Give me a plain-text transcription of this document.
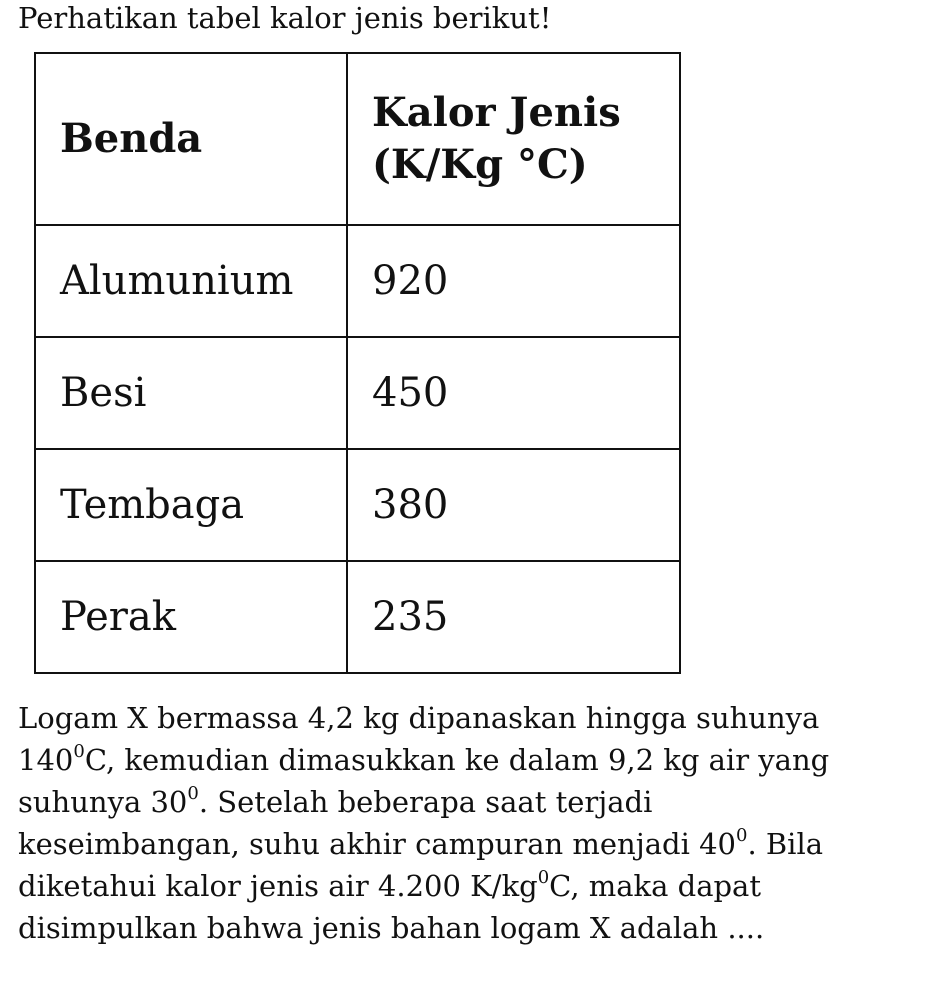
Perhatikan tabel kalor jenis berikut!
Benda	Kalor Jenis
(K/Kg °C)

Alumunium	920
Besi	450
Tembaga	380
Perak	235
Logam X bermassa 4,2 kg dipanaskan hingga suhunya
$140^0C$, kemudian dimasukkan ke dalam 9,2 kg air yang
suhunya $30^0$. Setelah beberapa saat terjadi
keseimbangan, suhu akhir campuran menjadi $40^0$. Bila
diketahui kalor jenis air 4.200 $K/kg^0C$, maka dapat
disimpulkan bahwa jenis bahan logam X adalah ....
